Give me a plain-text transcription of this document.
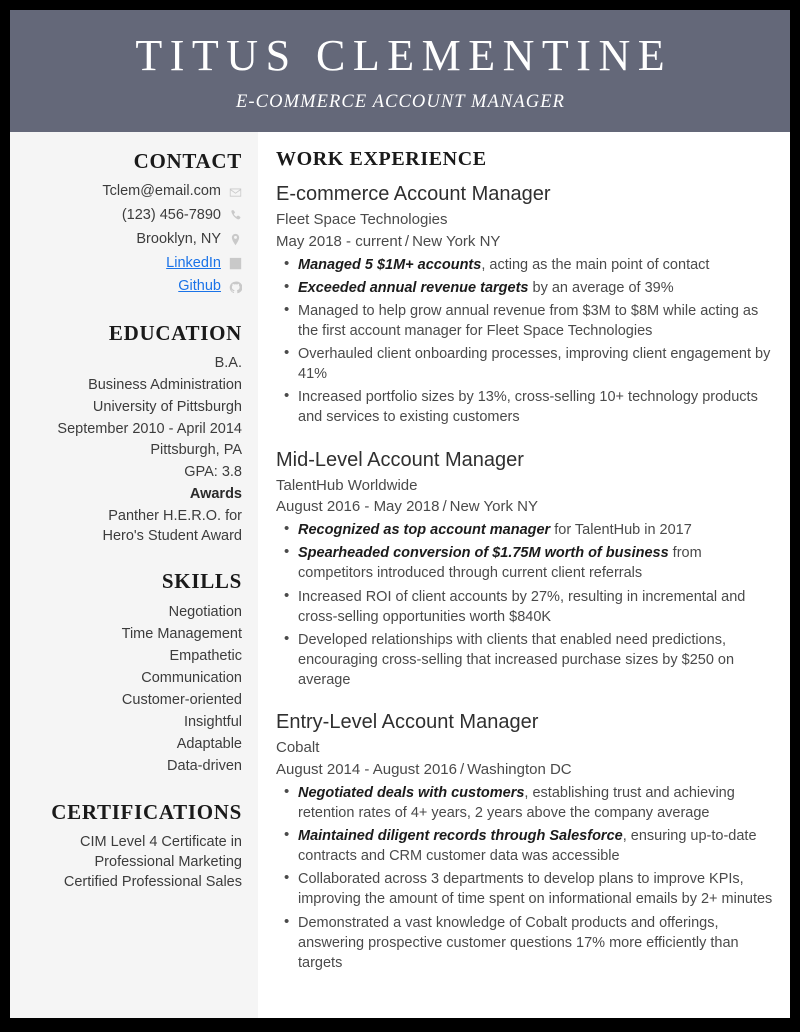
TITUS CLEMENTINE
E-COMMERCE ACCOUNT MANAGER
CONTACT
Tclem@email.com
(123) 456-7890
Brooklyn, NY
LinkedIn
Github
EDUCATION
B.A.
Business Administration
University of Pittsburgh
September 2010 - April 2014
Pittsburgh, PA
GPA: 3.8
Awards
Panther H.E.R.O. for
Hero's Student Award
SKILLS
Negotiation
Time Management
Empathetic
Communication
Customer-oriented
Insightful
Adaptable
Data-driven
CERTIFICATIONS
CIM Level 4 Certificate in
Professional Marketing
Certified Professional Sales
WORK EXPERIENCE
E-commerce Account Manager
Fleet Space Technologies
May 2018 - current / New York NY
• Managed 5 $1M+ accounts, acting as the main point of contact
• Exceeded annual revenue targets by an average of 39%
• Managed to help grow annual revenue from $3M to $8M while acting as the first account manager for Fleet Space Technologies
• Overhauled client onboarding processes, improving client engagement by 41%
• Increased portfolio sizes by 13%, cross-selling 10+ technology products and services to existing customers
Mid-Level Account Manager
TalentHub Worldwide
August 2016 - May 2018 / New York NY
• Recognized as top account manager for TalentHub in 2017
• Spearheaded conversion of $1.75M worth of business from competitors introduced through current client referrals
• Increased ROI of client accounts by 27%, resulting in incremental and cross-selling opportunities worth $840K
• Developed relationships with clients that enabled need predictions, encouraging cross-selling that increased purchase sizes by $250 on average
Entry-Level Account Manager
Cobalt
August 2014 - August 2016 / Washington DC
• Negotiated deals with customers, establishing trust and achieving retention rates of 4+ years, 2 years above the company average
• Maintained diligent records through Salesforce, ensuring up-to-date contracts and CRM customer data was accessible
• Collaborated across 3 departments to develop plans to improve KPIs, improving the amount of time spent on informational emails by 2+ minutes
• Demonstrated a vast knowledge of Cobalt products and offerings, answering prospective customer questions 17% more efficiently than targets
